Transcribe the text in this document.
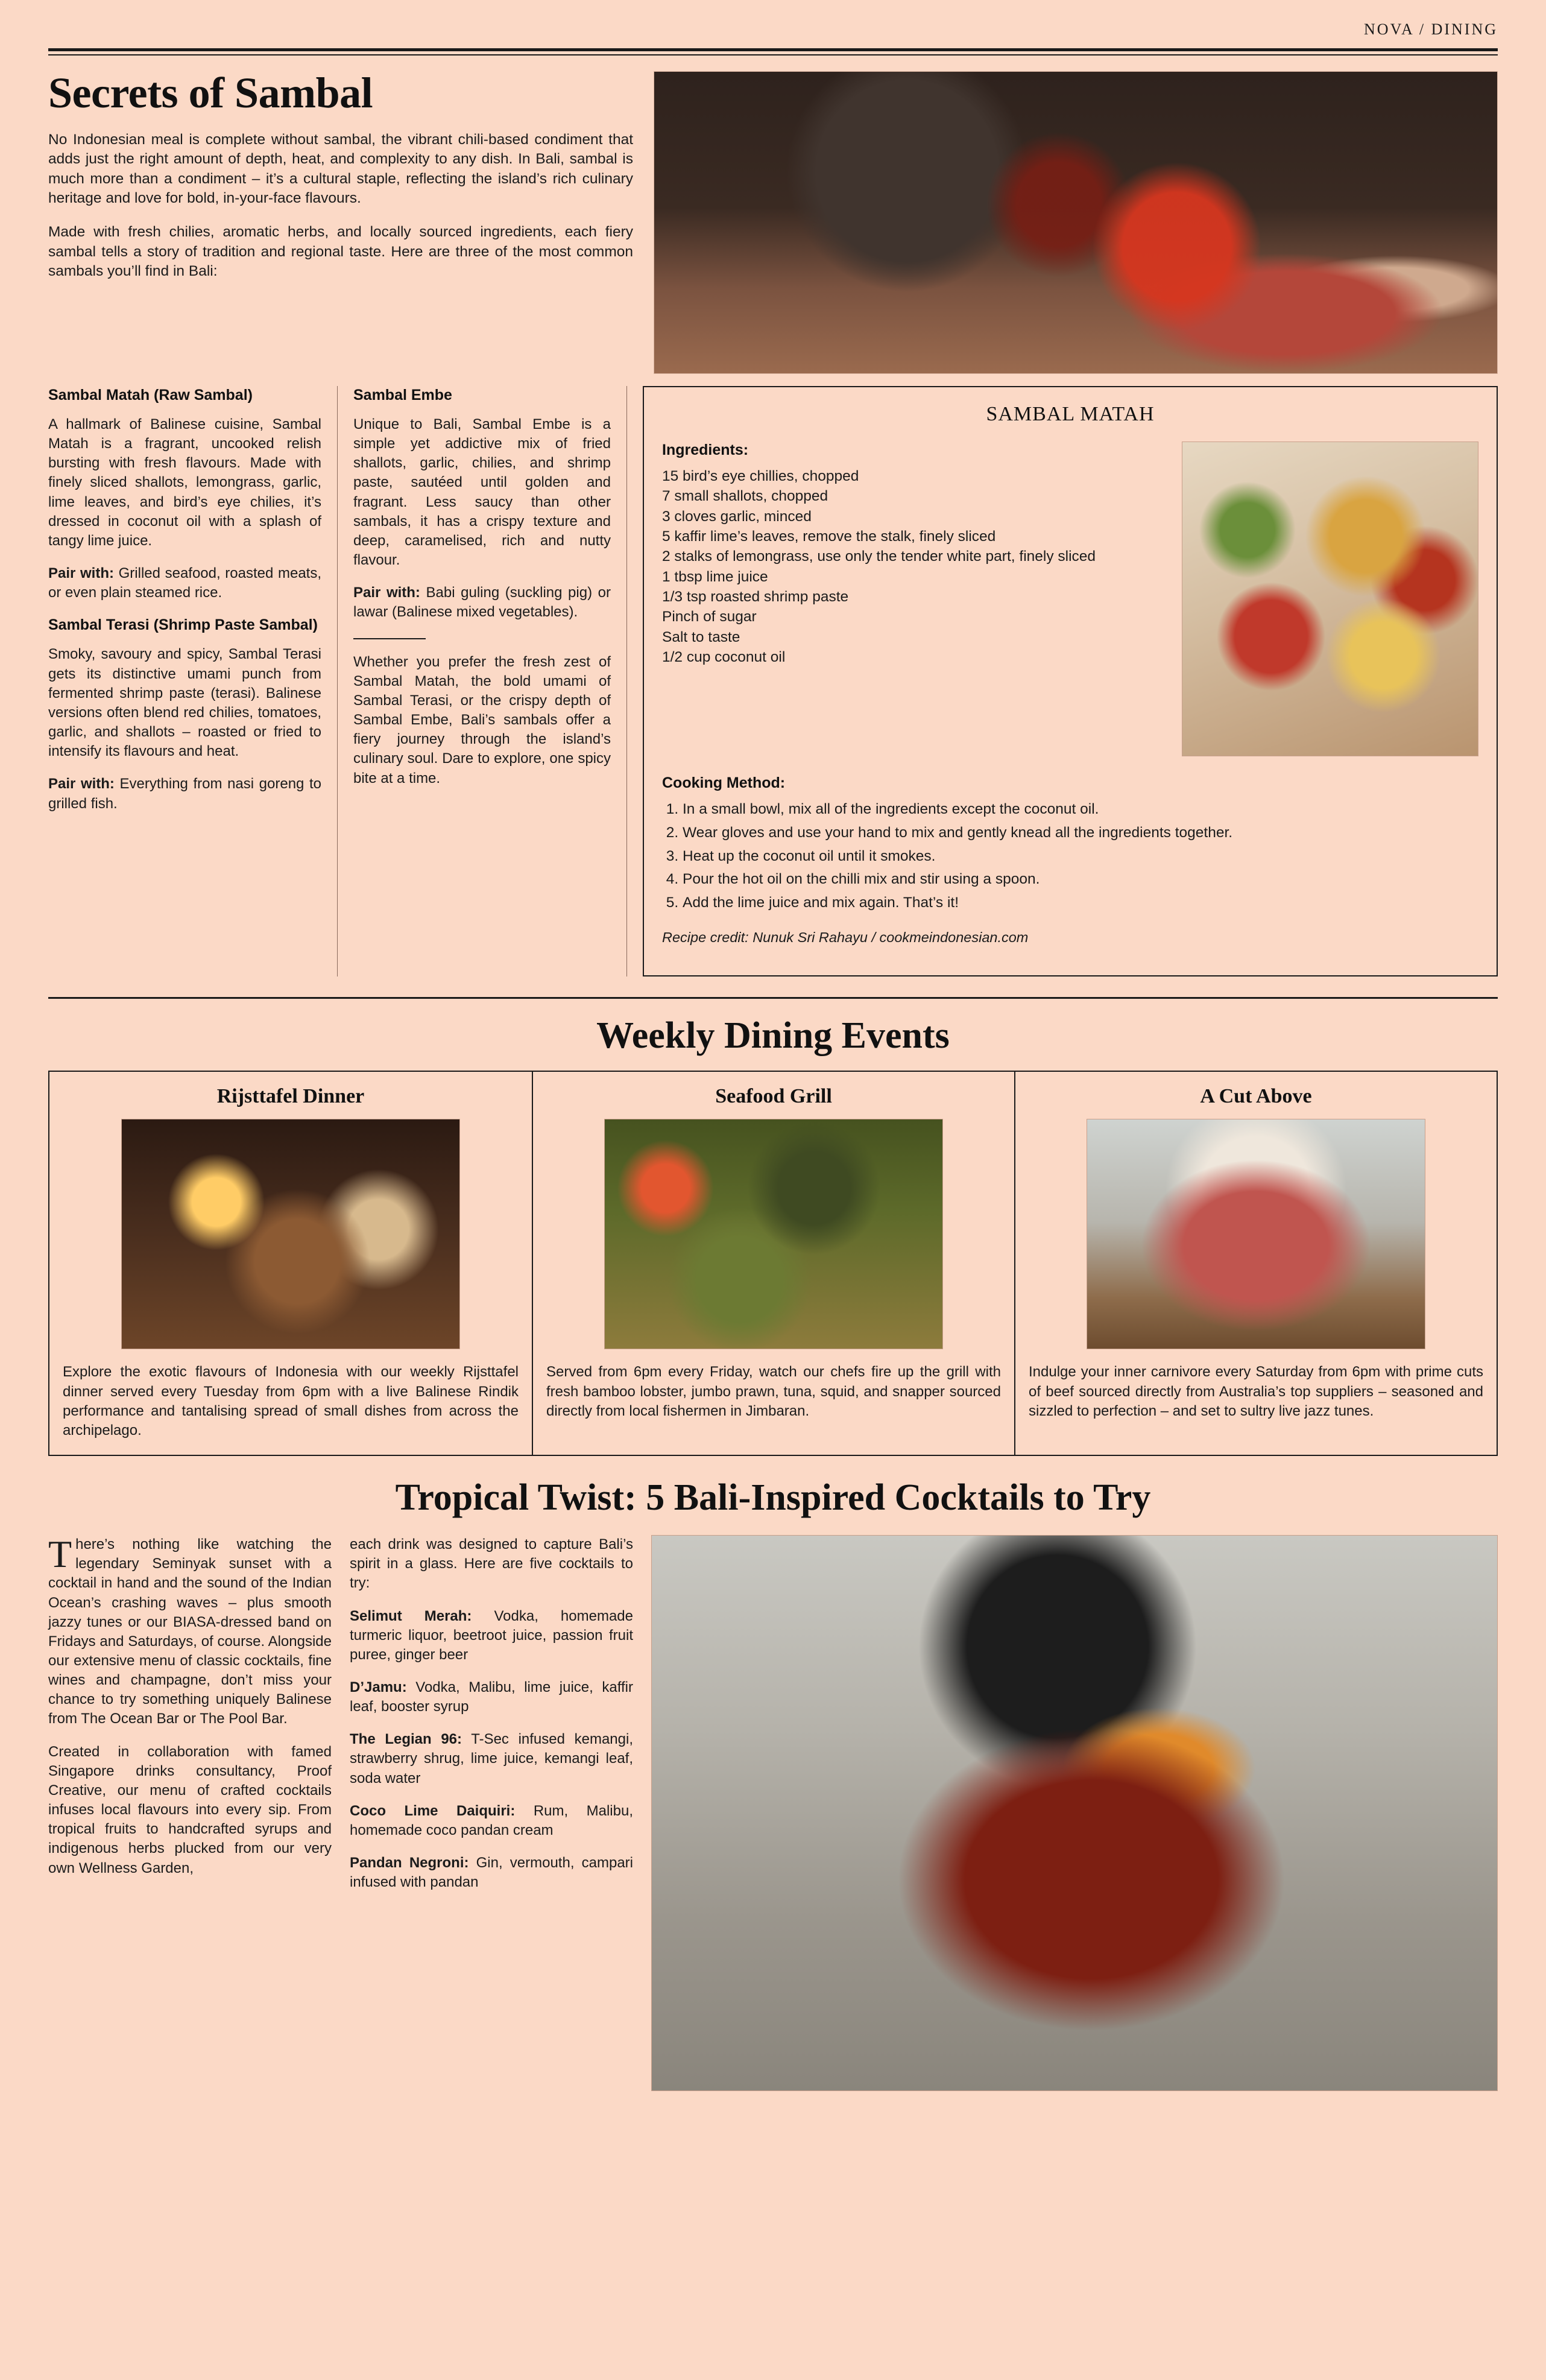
NOVA / DINING
Secrets of Sambal

No Indonesian meal is complete without sambal, the vibrant chili-based condiment that adds just the right amount of depth, heat, and complexity to any dish. In Bali, sambal is much more than a condiment – it’s a cultural staple, reflecting the island’s rich culinary heritage and love for bold, in-your-face flavours.

Made with fresh chilies, aromatic herbs, and locally sourced ingredients, each fiery sambal tells a story of tradition and regional taste. Here are three of the most common sambals you’ll find in Bali:

Sambal Matah (Raw Sambal)

A hallmark of Balinese cuisine, Sambal Matah is a fragrant, uncooked relish bursting with fresh flavours. Made with finely sliced shallots, lemongrass, garlic, lime leaves, and bird’s eye chilies, it’s dressed in coconut oil with a splash of tangy lime juice.

Pair with: Grilled seafood, roasted meats, or even plain steamed rice.

Sambal Terasi (Shrimp Paste Sambal)

Smoky, savoury and spicy, Sambal Terasi gets its distinctive umami punch from fermented shrimp paste (terasi). Balinese versions often blend red chilies, tomatoes, garlic, and shallots – roasted or fried to intensify its flavours and heat.

Pair with: Everything from nasi goreng to grilled fish.

Sambal Embe

Unique to Bali, Sambal Embe is a simple yet addictive mix of fried shallots, garlic, chilies, and shrimp paste, sautéed until golden and fragrant. Less saucy than other sambals, it has a crispy texture and deep, caramelised, rich and nutty flavour.

Pair with: Babi guling (suckling pig) or lawar (Balinese mixed vegetables).

Whether you prefer the fresh zest of Sambal Matah, the bold umami of Sambal Terasi, or the crispy depth of Sambal Embe, Bali’s sambals offer a fiery journey through the island’s culinary soul. Dare to explore, one spicy bite at a time.

SAMBAL MATAH

Ingredients:

15 bird’s eye chillies, chopped
7 small shallots, chopped
3 cloves garlic, minced
5 kaffir lime’s leaves, remove the stalk, finely sliced
2 stalks of lemongrass, use only the tender white part, finely sliced
1 tbsp lime juice
1/3 tsp roasted shrimp paste
Pinch of sugar
Salt to taste
1/2 cup coconut oil

Cooking Method:

1. In a small bowl, mix all of the ingredients except the coconut oil.
2. Wear gloves and use your hand to mix and gently knead all the ingredients together.
3. Heat up the coconut oil until it smokes.
4. Pour the hot oil on the chilli mix and stir using a spoon.
5. Add the lime juice and mix again. That’s it!

Recipe credit: Nunuk Sri Rahayu / cookmeindonesian.com

Weekly Dining Events
Rijsttafel Dinner

Explore the exotic flavours of Indonesia with our weekly Rijsttafel dinner served every Tuesday from 6pm with a live Balinese Rindik performance and tantalising spread of small dishes from across the archipelago.

Seafood Grill

Served from 6pm every Friday, watch our chefs fire up the grill with fresh bamboo lobster, jumbo prawn, tuna, squid, and snapper sourced directly from local fishermen in Jimbaran.

A Cut Above

Indulge your inner carnivore every Saturday from 6pm with prime cuts of beef sourced directly from Australia’s top suppliers – seasoned and sizzled to perfection – and set to sultry live jazz tunes.

Tropical Twist: 5 Bali-Inspired Cocktails to Try

There’s nothing like watching the legendary Seminyak sunset with a cocktail in hand and the sound of the Indian Ocean’s crashing waves – plus smooth jazzy tunes or our BIASA-dressed band on Fridays and Saturdays, of course. Alongside our extensive menu of classic cocktails, fine wines and champagne, don’t miss your chance to try something uniquely Balinese from The Ocean Bar or The Pool Bar.

Created in collaboration with famed Singapore drinks consultancy, Proof Creative, our menu of crafted cocktails infuses local flavours into every sip. From tropical fruits to handcrafted syrups and indigenous herbs plucked from our very own Wellness Garden,

each drink was designed to capture Bali’s spirit in a glass. Here are five cocktails to try:

Selimut Merah: Vodka, homemade turmeric liquor, beetroot juice, passion fruit puree, ginger beer

D’Jamu: Vodka, Malibu, lime juice, kaffir leaf, booster syrup

The Legian 96: T-Sec infused kemangi, strawberry shrug, lime juice, kemangi leaf, soda water

Coco Lime Daiquiri: Rum, Malibu, homemade coco pandan cream

Pandan Negroni: Gin, vermouth, campari infused with pandan
